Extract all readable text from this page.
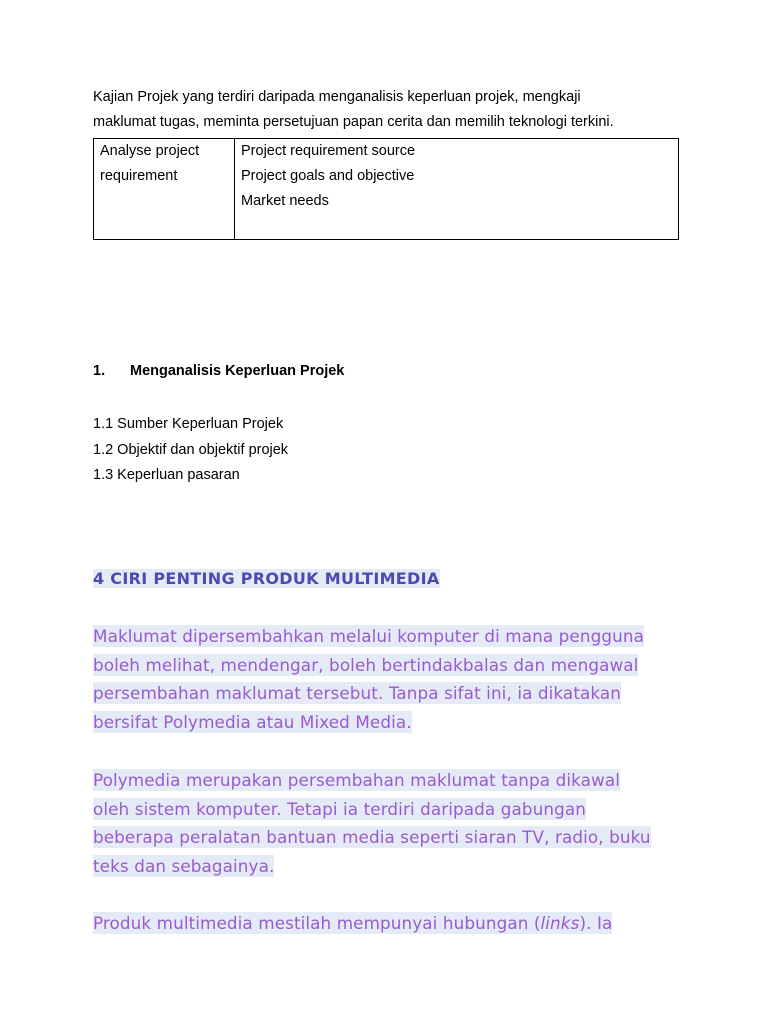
Kajian Projek yang terdiri daripada menganalisis keperluan projek, mengkaji
maklumat tugas, meminta persetujuan papan cerita dan memilih teknologi terkini.

Analyse project
requirement

Project requirement source
Project goals and objective
Market needs
1. Menganalisis Keperluan Projek
1.1 Sumber Keperluan Projek
1.2 Objektif dan objektif projek
1.3 Keperluan pasaran
4 CIRI PENTING PRODUK MULTIMEDIA

Maklumat dipersembahkan melalui komputer di mana pengguna
boleh melihat, mendengar, boleh bertindakbalas dan mengawal
persembahan maklumat tersebut. Tanpa sifat ini, ia dikatakan
bersifat Polymedia atau Mixed Media.

Polymedia merupakan persembahan maklumat tanpa dikawal
oleh sistem komputer. Tetapi ia terdiri daripada gabungan
beberapa peralatan bantuan media seperti siaran TV, radio, buku
teks dan sebagainya.

Produk multimedia mestilah mempunyai hubungan (links). Ia
